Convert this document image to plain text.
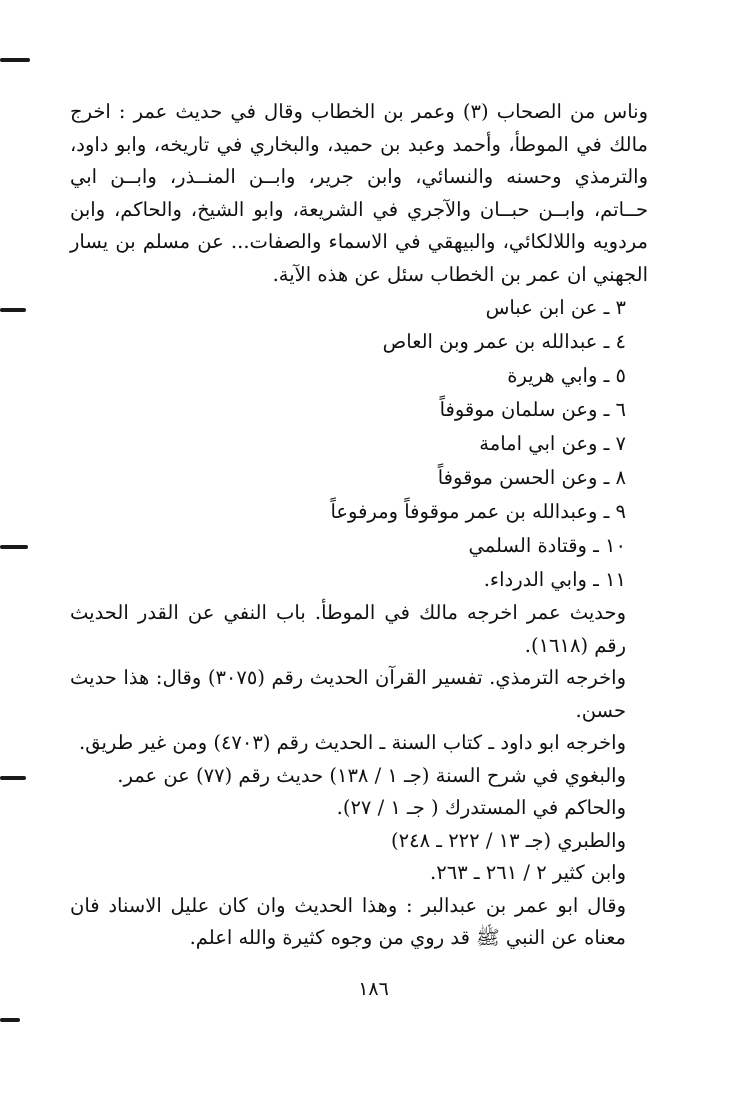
وناس من الصحاب (٣) وعمر بن الخطاب وقال في حديث عمر : اخرج مالك في الموطأ، وأحمد وعبد بن حميد، والبخاري في تاريخه، وابو داود، والترمذي وحسنه والنسائي، وابن جرير، وابــن المنــذر، وابــن ابي حــاتم، وابــن حبــان والآجري في الشريعة، وابو الشيخ، والحاكم، وابن مردويه واللالكائي، والبيهقي في الاسماء والصفات... عن مسلم بن يسار الجهني ان عمر بن الخطاب سئل عن هذه الآية.

٣ ـ عن ابن عباس
٤ ـ عبدالله بن عمر وبن العاص
٥ ـ وابي هريرة
٦ ـ وعن سلمان موقوفاً
٧ ـ وعن ابي امامة
٨ ـ وعن الحسن موقوفاً
٩ ـ وعبدالله بن عمر موقوفاً ومرفوعاً
١٠ ـ وقتادة السلمي
١١ ـ وابي الدرداء.

وحديث عمر اخرجه مالك في الموطأ. باب النفي عن القدر الحديث رقم (١٦١٨).

واخرجه الترمذي. تفسير القرآن الحديث رقم (٣٠٧٥) وقال: هذا حديث حسن.

واخرجه ابو داود ـ كتاب السنة ـ الحديث رقم (٤٧٠٣) ومن غير طريق.

والبغوي في شرح السنة (جـ ١ / ١٣٨) حديث رقم (٧٧) عن عمر.

والحاكم في المستدرك ( جـ ١ / ٢٧).

والطبري (جـ ١٣ / ٢٢٢ ـ ٢٤٨)

وابن كثير ٢ / ٢٦١ ـ ٢٦٣.

وقال ابو عمر بن عبدالبر : وهذا الحديث وان كان عليل الاسناد فان معناه عن النبي ﷺ قد روي من وجوه كثيرة والله اعلم.

١٨٦
